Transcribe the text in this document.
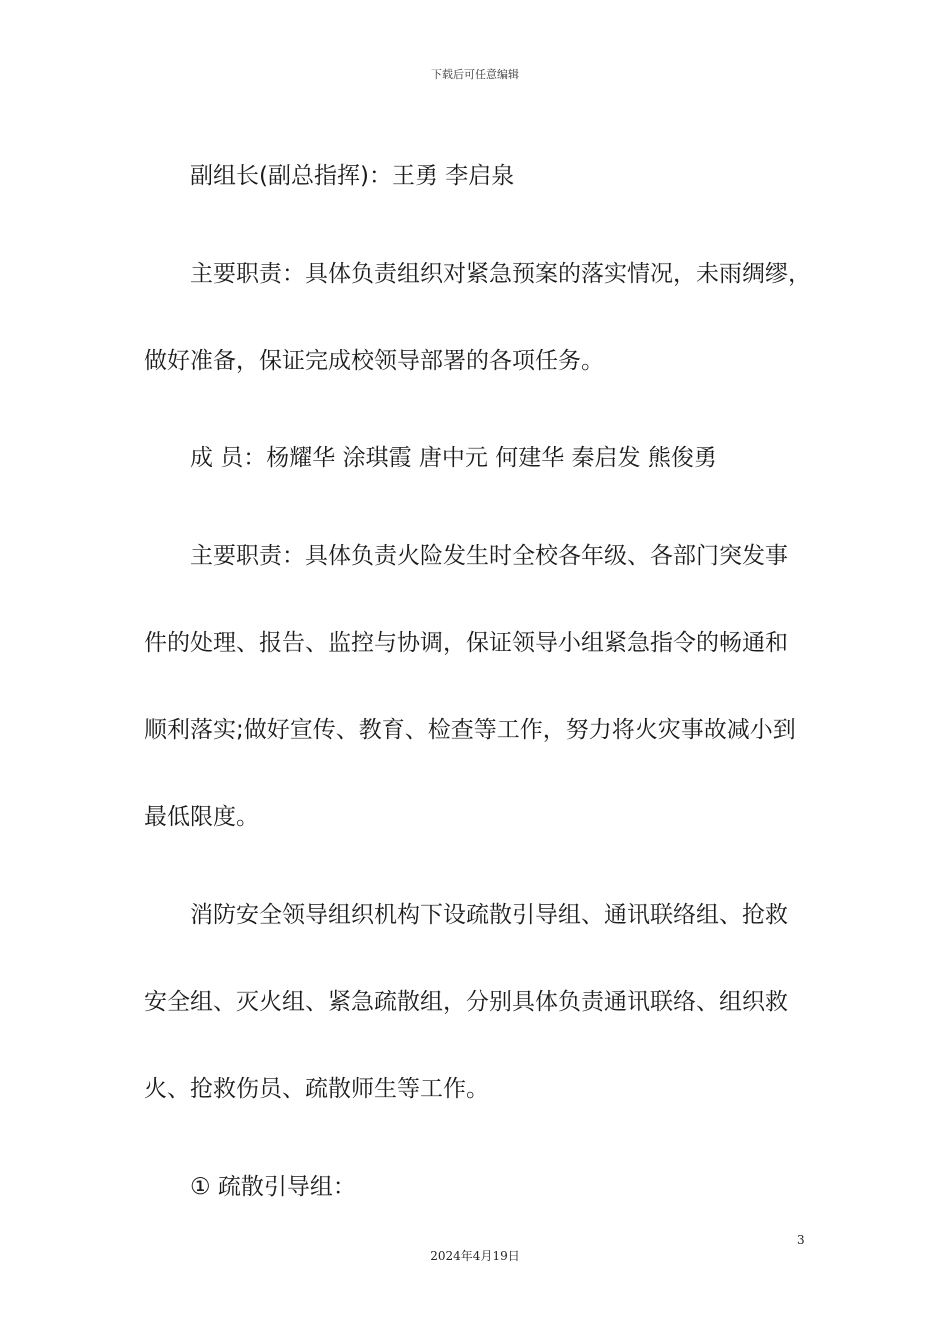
下载后可任意编辑
副组长(副总指挥)：王勇 李启泉
主要职责：具体负责组织对紧急预案的落实情况，未雨绸缪，
做好准备，保证完成校领导部署的各项任务。
成 员：杨耀华 涂琪霞 唐中元 何建华 秦启发 熊俊勇
主要职责：具体负责火险发生时全校各年级、各部门突发事
件的处理、报告、监控与协调，保证领导小组紧急指令的畅通和
顺利落实;做好宣传、教育、检查等工作，努力将火灾事故减小到
最低限度。
消防安全领导组织机构下设疏散引导组、通讯联络组、抢救
安全组、灭火组、紧急疏散组，分别具体负责通讯联络、组织救
火、抢救伤员、疏散师生等工作。
① 疏散引导组：
3
2024年4月19日
